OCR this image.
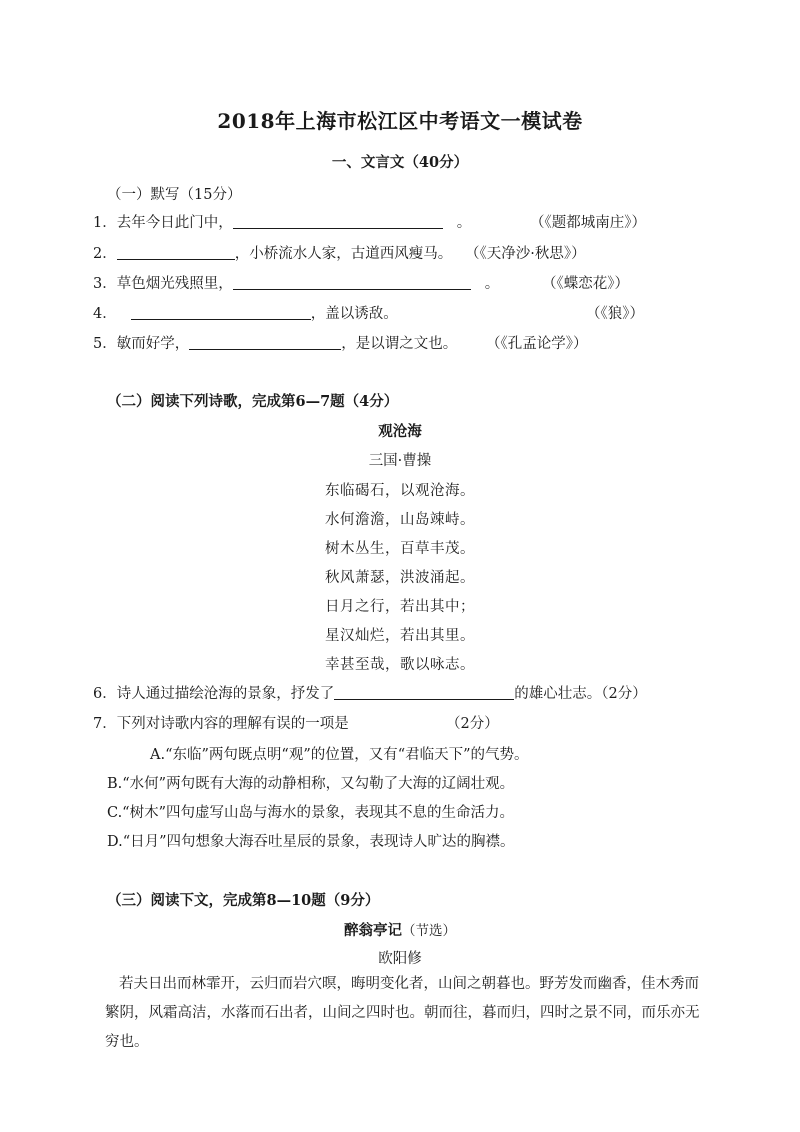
2018年上海市松江区中考语文一模试卷
一、文言文（40分）
（一）默写（15分）
1．去年今日此门中，	。	（《题都城南庄》）
2．	，小桥流水人家，古道西风瘦马。 （《天净沙·秋思》）
3．草色烟光残照里，	。	（《蝶恋花》）
4．	，盖以诱敌。	（《狼》）
5．敏而好学，	，是以谓之文也。 （《孔孟论学》）
（二）阅读下列诗歌，完成第6—7题（4分）
观沧海
三国·曹操
东临碣石，以观沧海。
水何澹澹，山岛竦峙。
树木丛生，百草丰茂。
秋风萧瑟，洪波涌起。
日月之行，若出其中；
星汉灿烂，若出其里。
幸甚至哉，歌以咏志。
6．诗人通过描绘沧海的景象，抒发了	的雄心壮志。（2分）
7．下列对诗歌内容的理解有误的一项是	（2分）
A.“东临”两句既点明“观”的位置，又有“君临天下”的气势。
B.“水何”两句既有大海的动静相称，又勾勒了大海的辽阔壮观。
C.“树木”四句虚写山岛与海水的景象，表现其不息的生命活力。
D.“日月”四句想象大海吞吐星辰的景象，表现诗人旷达的胸襟。
（三）阅读下文，完成第8—10题（9分）
醉翁亭记（节选）
欧阳修
若夫日出而林霏开，云归而岩穴暝，晦明变化者，山间之朝暮也。野芳发而幽香，佳木秀而繁阴，风霜高洁，水落而石出者，山间之四时也。朝而往，暮而归，四时之景不同，而乐亦无穷也。
